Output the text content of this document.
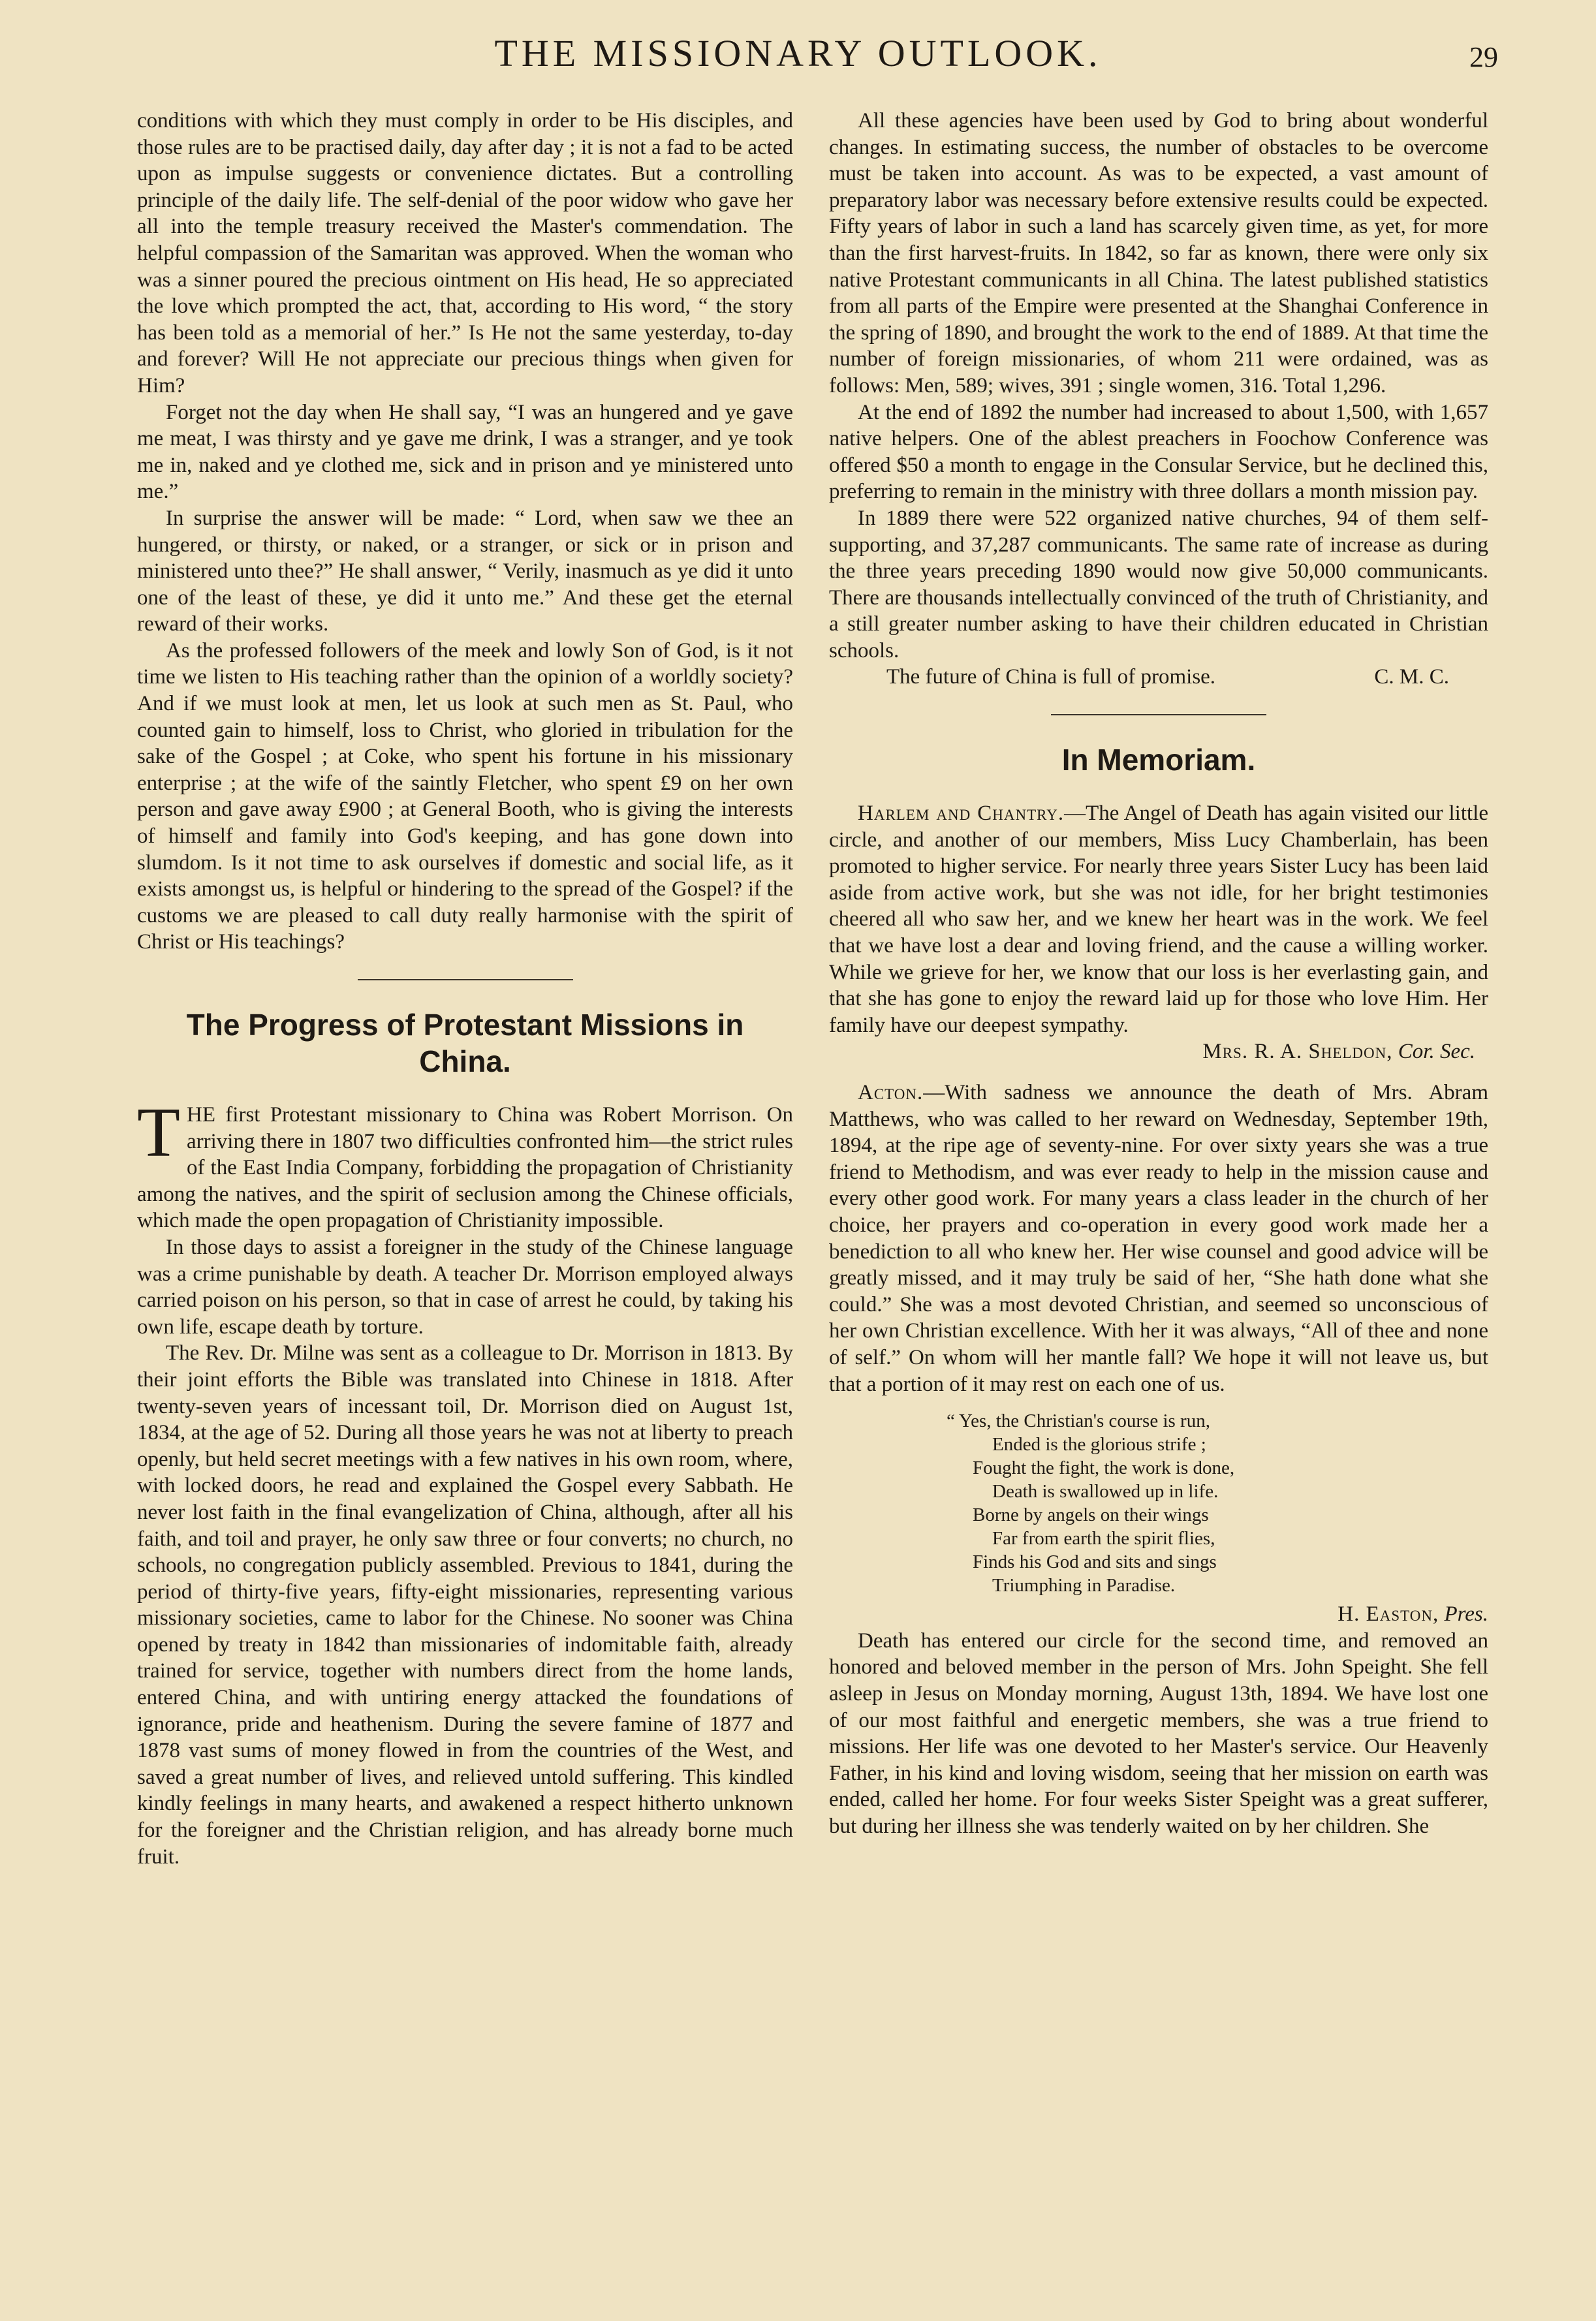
THE MISSIONARY OUTLOOK.	29

conditions with which they must comply in order to be His disciples, and those rules are to be practised daily, day after day ; it is not a fad to be acted upon as impulse suggests or convenience dictates. But a controlling principle of the daily life. The self-denial of the poor widow who gave her all into the temple treasury received the Master's commendation. The helpful compassion of the Samaritan was approved. When the woman who was a sinner poured the precious ointment on His head, He so appreciated the love which prompted the act, that, according to His word, “ the story has been told as a memorial of her.” Is He not the same yesterday, to-day and forever? Will He not appreciate our precious things when given for Him?

Forget not the day when He shall say, “I was an hungered and ye gave me meat, I was thirsty and ye gave me drink, I was a stranger, and ye took me in, naked and ye clothed me, sick and in prison and ye ministered unto me.”

In surprise the answer will be made: “ Lord, when saw we thee an hungered, or thirsty, or naked, or a stranger, or sick or in prison and ministered unto thee?” He shall answer, “ Verily, inasmuch as ye did it unto one of the least of these, ye did it unto me.” And these get the eternal reward of their works.

As the professed followers of the meek and lowly Son of God, is it not time we listen to His teaching rather than the opinion of a worldly society? And if we must look at men, let us look at such men as St. Paul, who counted gain to himself, loss to Christ, who gloried in tribulation for the sake of the Gospel ; at Coke, who spent his fortune in his missionary enterprise ; at the wife of the saintly Fletcher, who spent £9 on her own person and gave away £900 ; at General Booth, who is giving the interests of himself and family into God's keeping, and has gone down into slumdom. Is it not time to ask ourselves if domestic and social life, as it exists amongst us, is helpful or hindering to the spread of the Gospel? if the customs we are pleased to call duty really harmonise with the spirit of Christ or His teachings?

The Progress of Protestant Missions in China.

THE first Protestant missionary to China was Robert Morrison. On arriving there in 1807 two difficulties confronted him—the strict rules of the East India Company, forbidding the propagation of Christianity among the natives, and the spirit of seclusion among the Chinese officials, which made the open propagation of Christianity impossible.

In those days to assist a foreigner in the study of the Chinese language was a crime punishable by death. A teacher Dr. Morrison employed always carried poison on his person, so that in case of arrest he could, by taking his own life, escape death by torture.

The Rev. Dr. Milne was sent as a colleague to Dr. Morrison in 1813. By their joint efforts the Bible was translated into Chinese in 1818. After twenty-seven years of incessant toil, Dr. Morrison died on August 1st, 1834, at the age of 52. During all those years he was not at liberty to preach openly, but held secret meetings with a few natives in his own room, where, with locked doors, he read and explained the Gospel every Sabbath. He never lost faith in the final evangelization of China, although, after all his faith, and toil and prayer, he only saw three or four converts; no church, no schools, no congregation publicly assembled. Previous to 1841, during the period of thirty-five years, fifty-eight missionaries, representing various missionary societies, came to labor for the Chinese. No sooner was China opened by treaty in 1842 than missionaries of indomitable faith, already trained for service, together with numbers direct from the home lands, entered China, and with untiring energy attacked the foundations of ignorance, pride and heathenism. During the severe famine of 1877 and 1878 vast sums of money flowed in from the countries of the West, and saved a great number of lives, and relieved untold suffering. This kindled kindly feelings in many hearts, and awakened a respect hitherto unknown for the foreigner and the Christian religion, and has already borne much fruit.

All these agencies have been used by God to bring about wonderful changes. In estimating success, the number of obstacles to be overcome must be taken into account. As was to be expected, a vast amount of preparatory labor was necessary before extensive results could be expected. Fifty years of labor in such a land has scarcely given time, as yet, for more than the first harvest-fruits. In 1842, so far as known, there were only six native Protestant communicants in all China. The latest published statistics from all parts of the Empire were presented at the Shanghai Conference in the spring of 1890, and brought the work to the end of 1889. At that time the number of foreign missionaries, of whom 211 were ordained, was as follows: Men, 589; wives, 391 ; single women, 316. Total 1,296.

At the end of 1892 the number had increased to about 1,500, with 1,657 native helpers. One of the ablest preachers in Foochow Conference was offered $50 a month to engage in the Consular Service, but he declined this, preferring to remain in the ministry with three dollars a month mission pay.

In 1889 there were 522 organized native churches, 94 of them self-supporting, and 37,287 communicants. The same rate of increase as during the three years preceding 1890 would now give 50,000 communicants. There are thousands intellectually convinced of the truth of Christianity, and a still greater number asking to have their children educated in Christian schools.

The future of China is full of promise.	C. M. C.

In Memoriam.

Harlem and Chantry.—The Angel of Death has again visited our little circle, and another of our members, Miss Lucy Chamberlain, has been promoted to higher service. For nearly three years Sister Lucy has been laid aside from active work, but she was not idle, for her bright testimonies cheered all who saw her, and we knew her heart was in the work. We feel that we have lost a dear and loving friend, and the cause a willing worker. While we grieve for her, we know that our loss is her everlasting gain, and that she has gone to enjoy the reward laid up for those who love Him. Her family have our deepest sympathy.

Mrs. R. A. Sheldon, Cor. Sec.

Acton.—With sadness we announce the death of Mrs. Abram Matthews, who was called to her reward on Wednesday, September 19th, 1894, at the ripe age of seventy-nine. For over sixty years she was a true friend to Methodism, and was ever ready to help in the mission cause and every other good work. For many years a class leader in the church of her choice, her prayers and co-operation in every good work made her a benediction to all who knew her. Her wise counsel and good advice will be greatly missed, and it may truly be said of her, “She hath done what she could.” She was a most devoted Christian, and seemed so unconscious of her own Christian excellence. With her it was always, “All of thee and none of self.” On whom will her mantle fall? We hope it will not leave us, but that a portion of it may rest on each one of us.

“ Yes, the Christian's course is run,
Ended is the glorious strife ;
Fought the fight, the work is done,
Death is swallowed up in life.
Borne by angels on their wings
Far from earth the spirit flies,
Finds his God and sits and sings
Triumphing in Paradise.

H. Easton, Pres.

Death has entered our circle for the second time, and removed an honored and beloved member in the person of Mrs. John Speight. She fell asleep in Jesus on Monday morning, August 13th, 1894. We have lost one of our most faithful and energetic members, she was a true friend to missions. Her life was one devoted to her Master's service. Our Heavenly Father, in his kind and loving wisdom, seeing that her mission on earth was ended, called her home. For four weeks Sister Speight was a great sufferer, but during her illness she was tenderly waited on by her children. She
